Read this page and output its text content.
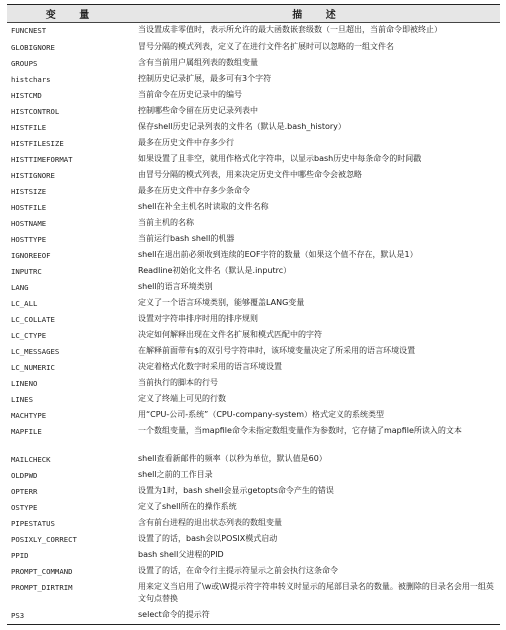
变 量	描 述
FUNCNEST	当设置成非零值时，表示所允许的最大函数嵌套级数（一旦超出，当前命令即被终止）
GLOBIGNORE	冒号分隔的模式列表，定义了在进行文件名扩展时可以忽略的一组文件名
GROUPS	含有当前用户属组列表的数组变量
histchars	控制历史记录扩展，最多可有3个字符
HISTCMD	当前命令在历史记录中的编号
HISTCONTROL	控制哪些命令留在历史记录列表中
HISTFILE	保存shell历史记录列表的文件名（默认是.bash_history）
HISTFILESIZE	最多在历史文件中存多少行
HISTTIMEFORMAT	如果设置了且非空，就用作格式化字符串，以显示bash历史中每条命令的时间戳
HISTIGNORE	由冒号分隔的模式列表，用来决定历史文件中哪些命令会被忽略
HISTSIZE	最多在历史文件中存多少条命令
HOSTFILE	shell在补全主机名时读取的文件名称
HOSTNAME	当前主机的名称
HOSTTYPE	当前运行bash shell的机器
IGNOREEOF	shell在退出前必须收到连续的EOF字符的数量（如果这个值不存在，默认是1）
INPUTRC	Readline初始化文件名（默认是.inputrc）
LANG	shell的语言环境类别
LC_ALL	定义了一个语言环境类别，能够覆盖LANG变量
LC_COLLATE	设置对字符串排序时用的排序规则
LC_CTYPE	决定如何解释出现在文件名扩展和模式匹配中的字符
LC_MESSAGES	在解释前面带有$的双引号字符串时，该环境变量决定了所采用的语言环境设置
LC_NUMERIC	决定着格式化数字时采用的语言环境设置
LINENO	当前执行的脚本的行号
LINES	定义了终端上可见的行数
MACHTYPE	用“CPU-公司-系统”（CPU-company-system）格式定义的系统类型
MAPFILE	一个数组变量，当mapfile命令未指定数组变量作为参数时，它存储了mapfile所读入的文本
MAILCHECK	shell查看新邮件的频率（以秒为单位，默认值是60）
OLDPWD	shell之前的工作目录
OPTERR	设置为1时，bash shell会显示getopts命令产生的错误
OSTYPE	定义了shell所在的操作系统
PIPESTATUS	含有前台进程的退出状态列表的数组变量
POSIXLY_CORRECT	设置了的话，bash会以POSIX模式启动
PPID	bash shell父进程的PID
PROMPT_COMMAND	设置了的话，在命令行主提示符显示之前会执行这条命令
PROMPT_DIRTRIM	用来定义当启用了\w或\W提示符字符串转义时显示的尾部目录名的数量。被删除的目录名会用一组英文句点替换
PS3	select命令的提示符
